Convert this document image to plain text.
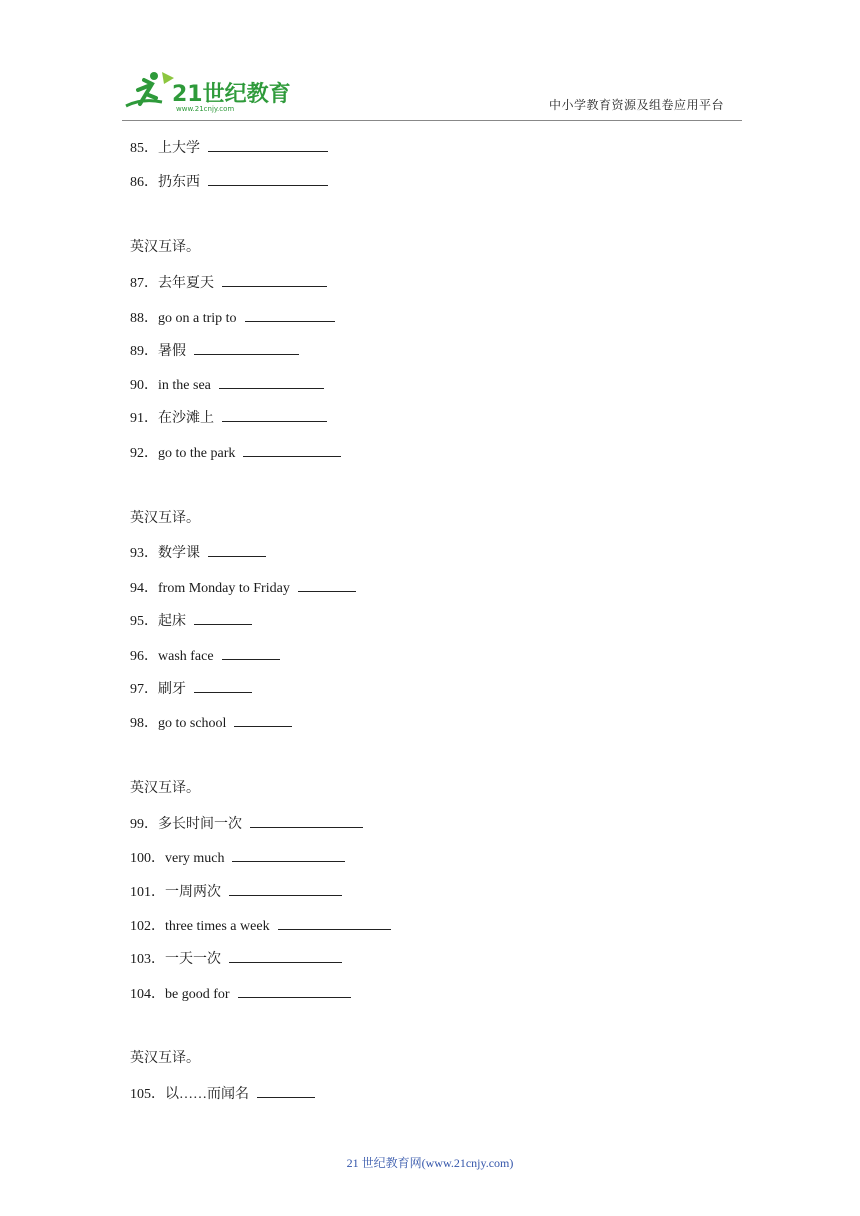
21世纪教育
www.21cnjy.com	中小学教育资源及组卷应用平台
85．上大学
86．扔东西
英汉互译。
87．去年夏天
88．go on a trip to
89．暑假
90．in the sea
91．在沙滩上
92．go to the park
英汉互译。
93．数学课
94．from Monday to Friday
95．起床
96．wash face
97．刷牙
98．go to school
英汉互译。
99．多长时间一次
100．very much
101．一周两次
102．three times a week
103．一天一次
104．be good for
英汉互译。
105．以……而闻名
21 世纪教育网(www.21cnjy.com)
